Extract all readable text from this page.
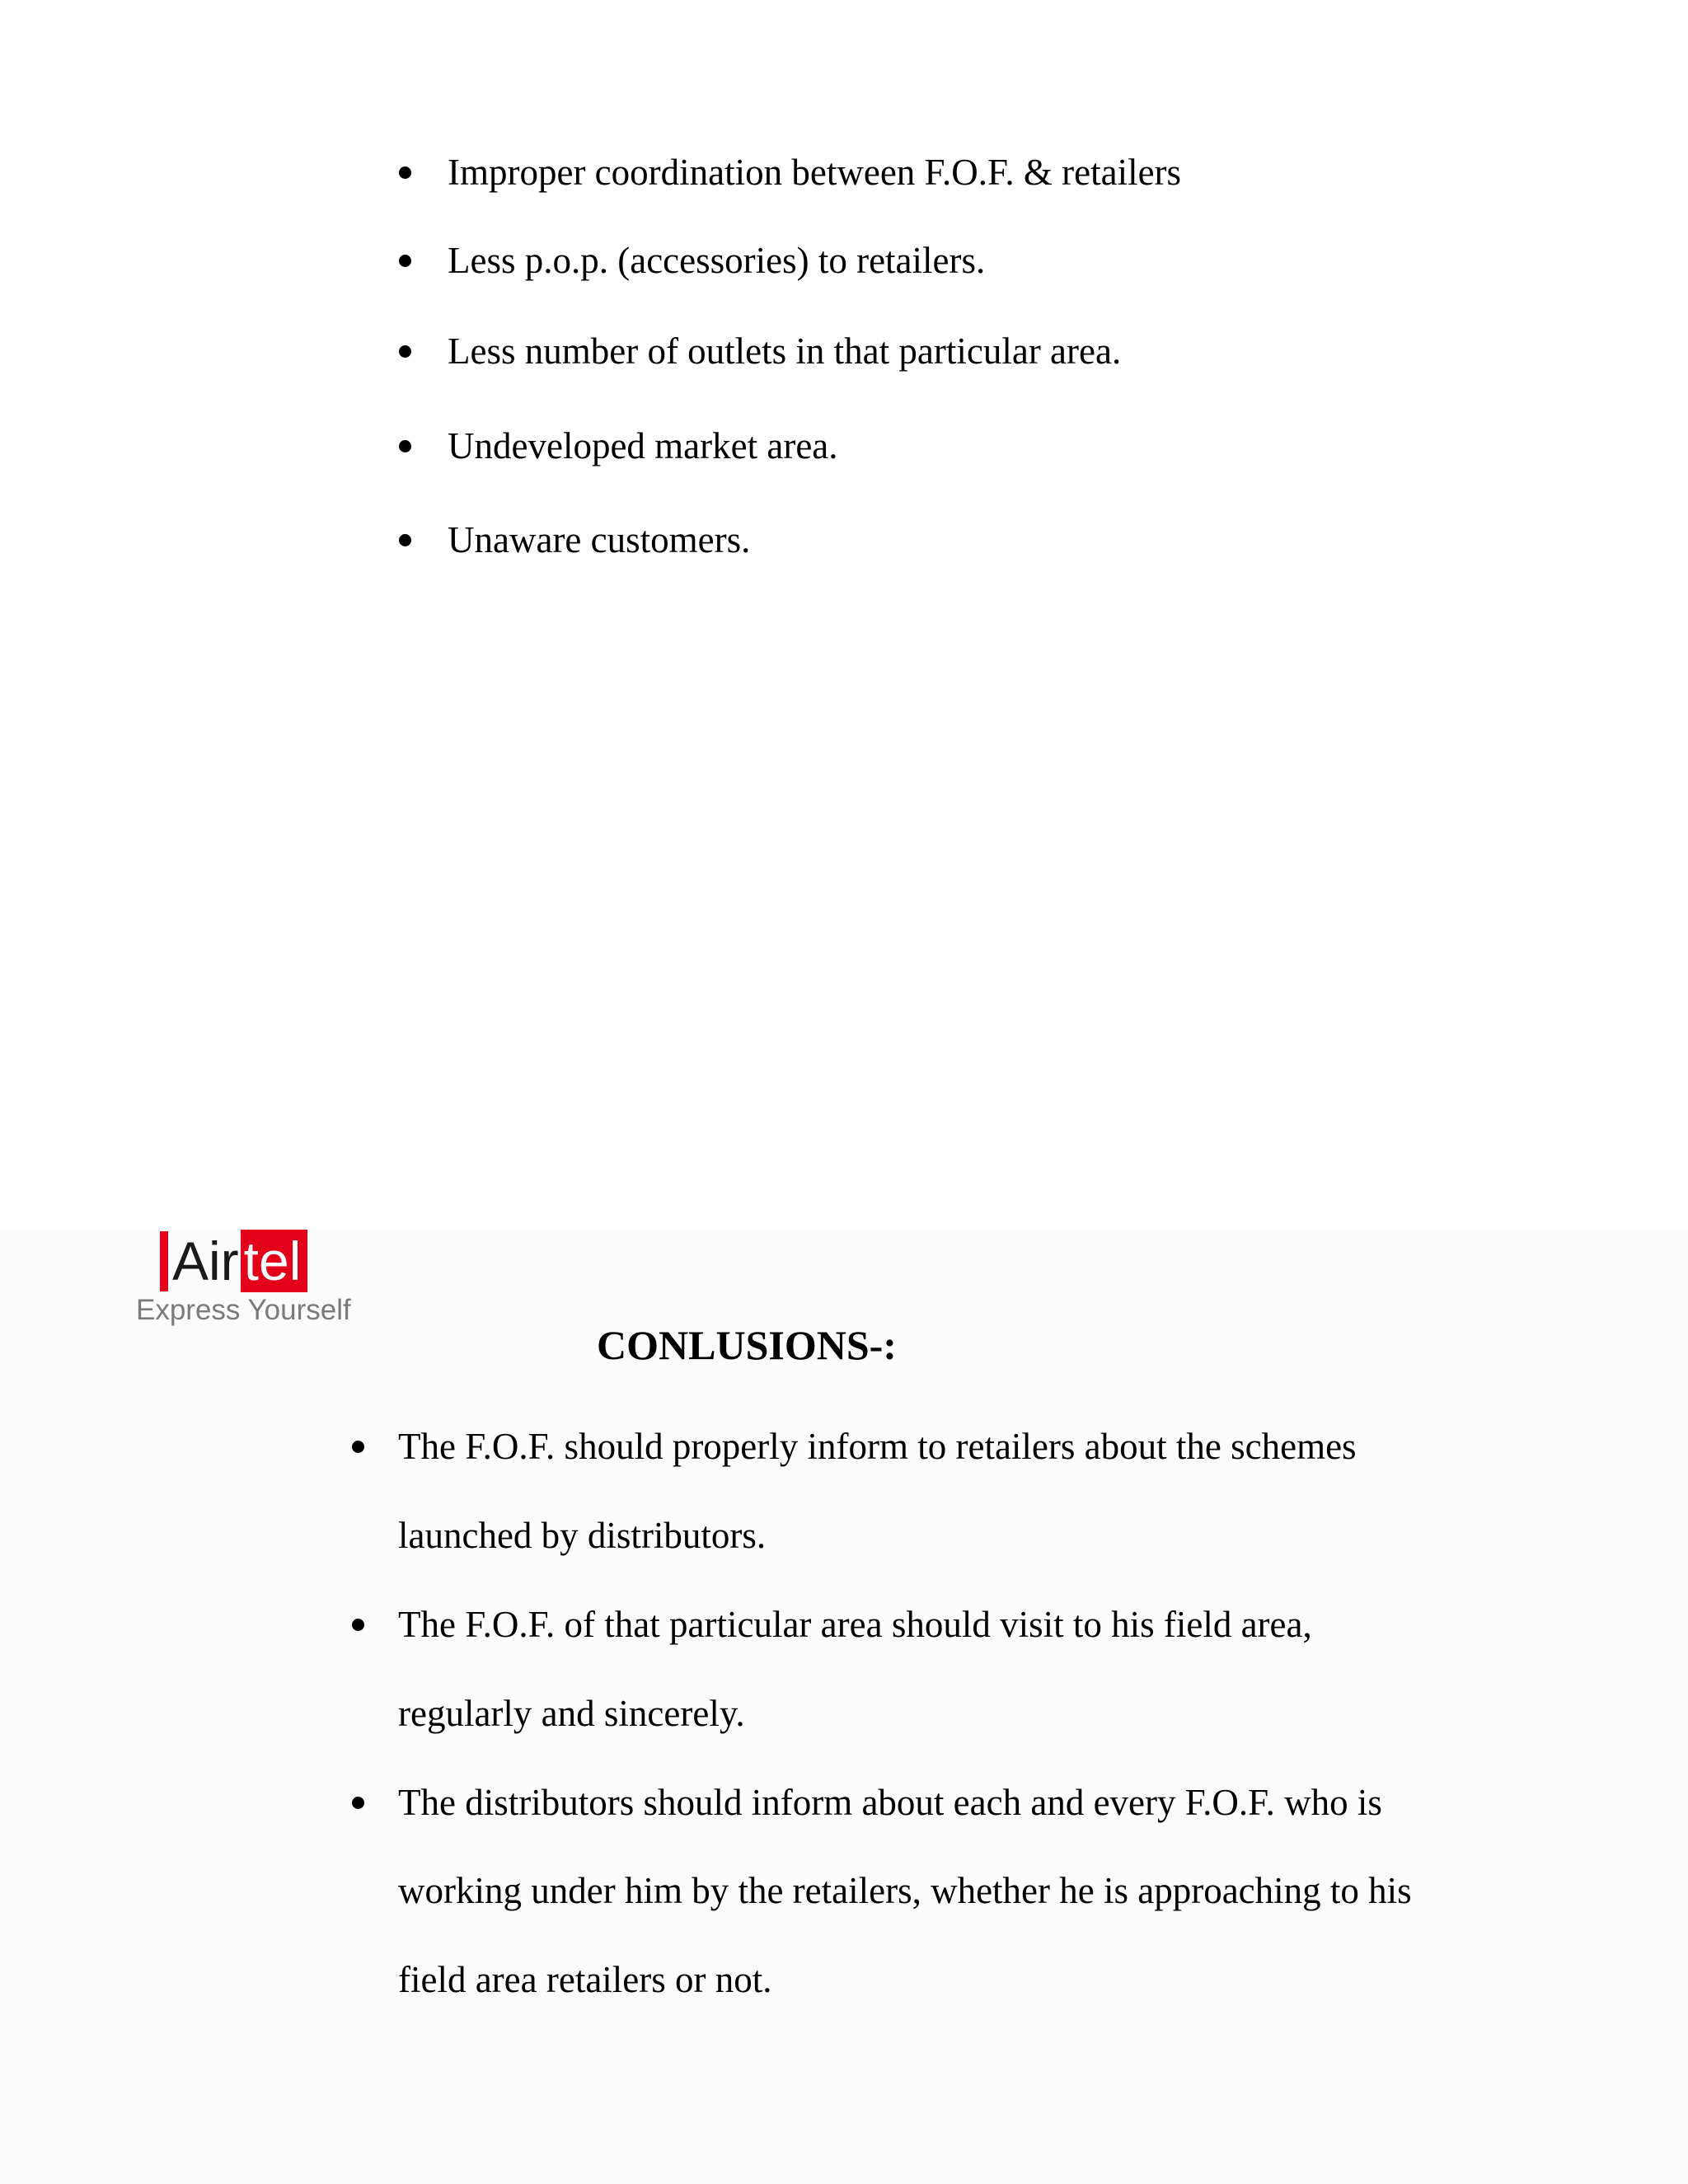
Improper coordination between F.O.F. & retailers
Less p.o.p. (accessories) to retailers.
Less number of outlets in that particular area.
Undeveloped market area.
Unaware customers.
Air tel
Express Yourself
CONLUSIONS-:
The F.O.F. should properly inform to retailers about the schemes
launched by distributors.
The F.O.F. of that particular area should visit to his field area,
regularly and sincerely.
The distributors should inform about each and every F.O.F. who is
working under him by the retailers, whether he is approaching to his
field area retailers or not.
